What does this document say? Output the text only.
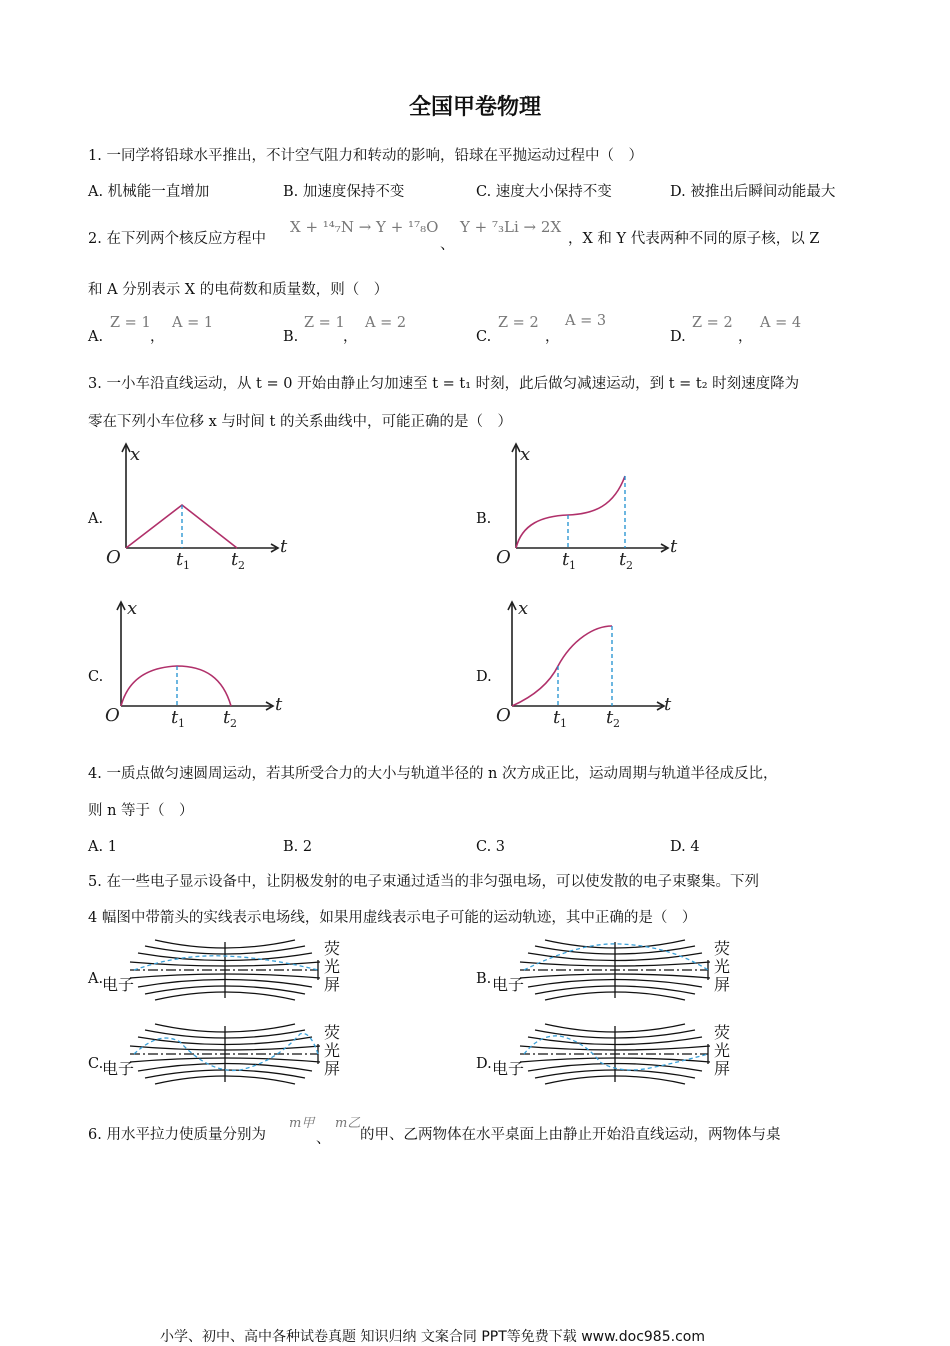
全国甲卷物理
1. 一同学将铅球水平推出，不计空气阻力和转动的影响，铅球在平抛运动过程中（　）
A. 机械能一直增加	B. 加速度保持不变	C. 速度大小保持不变	D. 被推出后瞬间动能最大
2. 在下列两个核反应方程中
X + ¹⁴₇N → Y + ¹⁷₈O
、
Y + ⁷₃Li → 2X
，X 和 Y 代表两种不同的原子核，以 Z
和 A 分别表示 X 的电荷数和质量数，则（　）
A.
Z = 1
，
A = 1
B.
Z = 1
，
A = 2
C.
Z = 2
，
A = 3
D.
Z = 2
，
A = 4
3. 一小车沿直线运动，从 t = 0 开始由静止匀加速至 t = t₁ 时刻，此后做匀减速运动，到 t = t₂ 时刻速度降为
零在下列小车位移 x 与时间 t 的关系曲线中，可能正确的是（　）
A.	B.
C.	D.
x
t
O	t 1 t 2
x
t
O	t 1 t 2
x
t
O	t 1 t 2
x
t
O t 1 t 2
4. 一质点做匀速圆周运动，若其所受合力的大小与轨道半径的 n 次方成正比，运动周期与轨道半径成反比，
则 n 等于（　）
A. 1	B. 2	C. 3	D. 4
5. 在一些电子显示设备中，让阴极发射的电子束通过适当的非匀强电场，可以使发散的电子束聚集。下列
4 幅图中带箭头的实线表示电场线，如果用虚线表示电子可能的运动轨迹，其中正确的是（　）
A.	B.
C.	D.
电子
荧
光
屏	电子
荧
光
屏
电子
荧
光
屏	电子
荧
光
屏
6. 用水平拉力使质量分别为
m甲
、
m乙
的甲、乙两物体在水平桌面上由静止开始沿直线运动，两物体与桌
小学、初中、高中各种试卷真题 知识归纳 文案合同 PPT等免费下载 www.doc985.com
